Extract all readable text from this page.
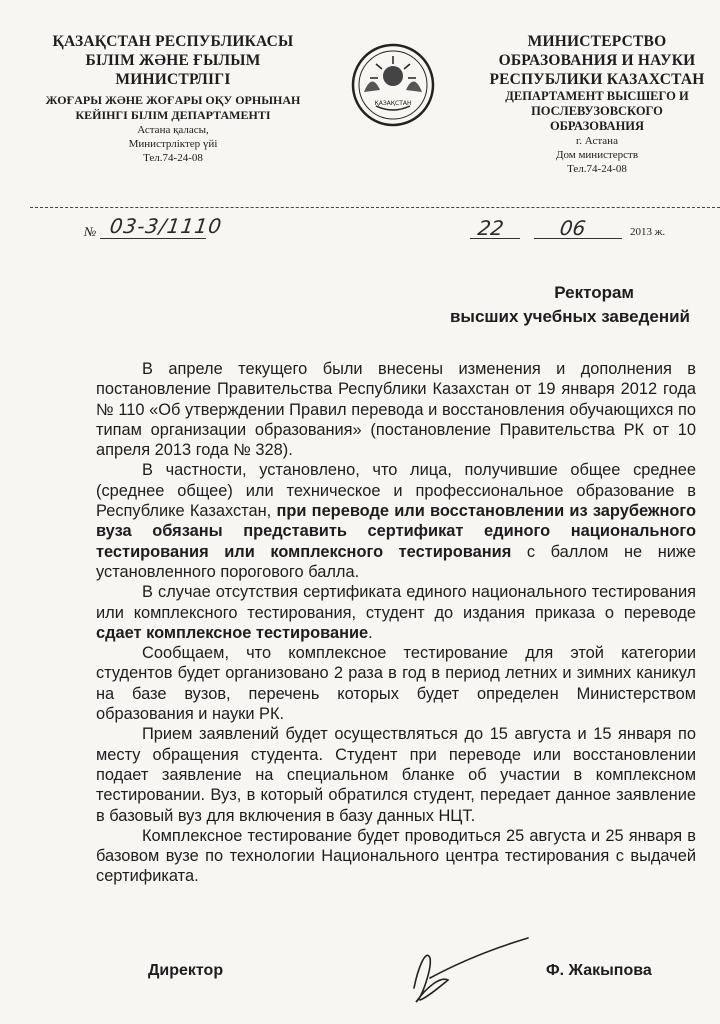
ҚАЗАҚСТАН РЕСПУБЛИКАСЫ
БІЛІМ ЖӘНЕ ҒЫЛЫМ
МИНИСТРЛІГІ
ЖОҒАРЫ ЖӘНЕ ЖОҒАРЫ ОҚУ ОРНЫНАН
КЕЙІНГІ БІЛІМ ДЕПАРТАМЕНТІ
Астана қаласы,
Министрліктер үйі
Тел.74-24-08
ҚАЗАҚСТАН
МИНИСТЕРСТВО
ОБРАЗОВАНИЯ И НАУКИ
РЕСПУБЛИКИ КАЗАХСТАН
ДЕПАРТАМЕНТ ВЫСШЕГО И
ПОСЛЕВУЗОВСКОГО
ОБРАЗОВАНИЯ
г. Астана
Дом министерств
Тел.74-24-08
№ 03-3/1110	22	06	2013 ж.
Ректорам
высших учебных заведений

В апреле текущего были внесены изменения и дополнения в постановление Правительства Республики Казахстан от 19 января 2012 года № 110 «Об утверждении Правил перевода и восстановления обучающихся по типам организации образования» (постановление Правительства РК от 10 апреля 2013 года № 328).

В частности, установлено, что лица, получившие общее среднее (среднее общее) или техническое и профессиональное образование в Республике Казахстан, при переводе или восстановлении из зарубежного вуза обязаны представить сертификат единого национального тестирования или комплексного тестирования с баллом не ниже установленного порогового балла.

В случае отсутствия сертификата единого национального тестирования или комплексного тестирования, студент до издания приказа о переводе сдает комплексное тестирование.

Сообщаем, что комплексное тестирование для этой категории студентов будет организовано 2 раза в год в период летних и зимних каникул на базе вузов, перечень которых будет определен Министерством образования и науки РК.

Прием заявлений будет осуществляться до 15 августа и 15 января по месту обращения студента. Студент при переводе или восстановлении подает заявление на специальном бланке об участии в комплексном тестировании. Вуз, в который обратился студент, передает данное заявление в базовый вуз для включения в базу данных НЦТ.

Комплексное тестирование будет проводиться 25 августа и 25 января в базовом вузе по технологии Национального центра тестирования с выдачей сертификата.

Директор	Ф. Жакыпова
